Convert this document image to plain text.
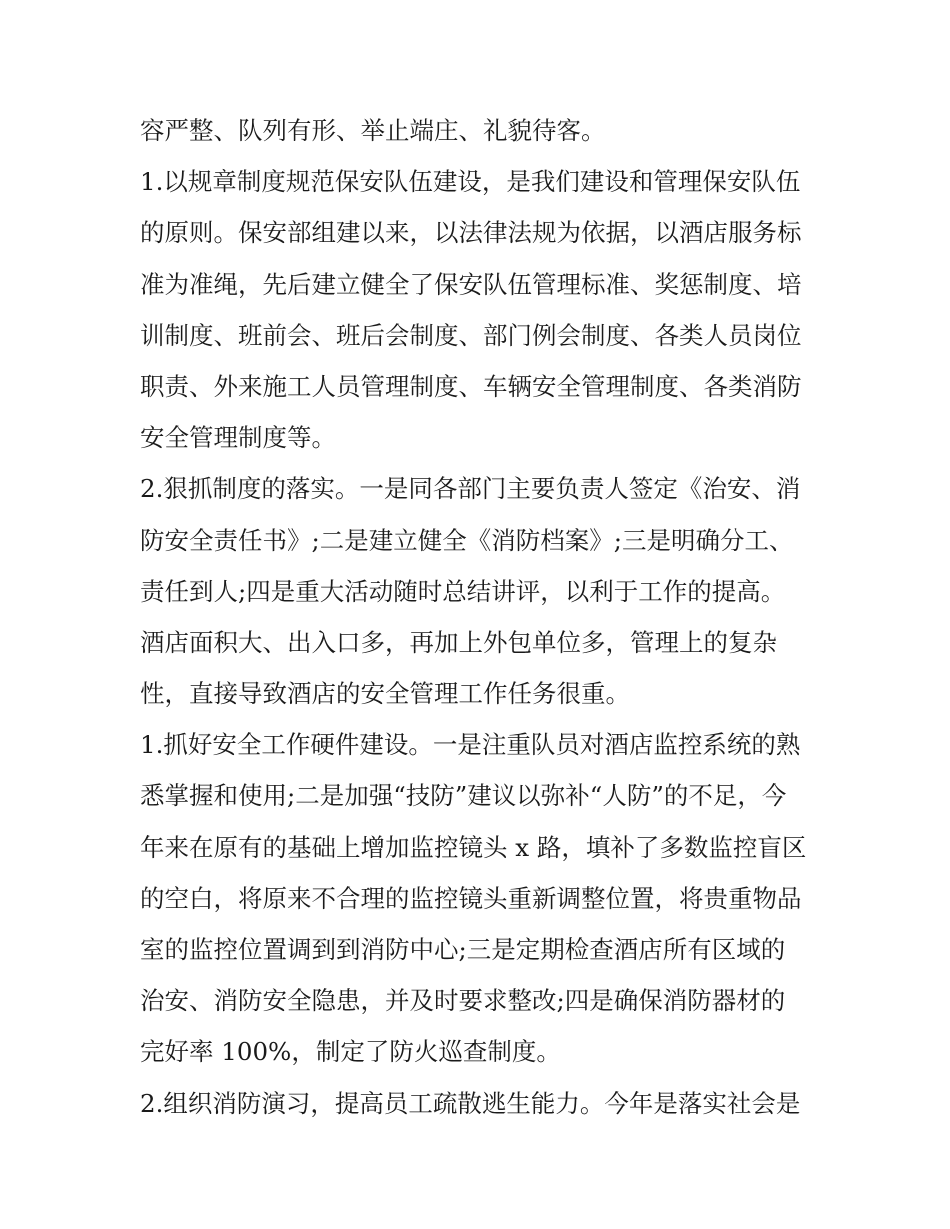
容严整、队列有形、举止端庄、礼貌待客。
1.以规章制度规范保安队伍建设，是我们建设和管理保安队伍
的原则。保安部组建以来，以法律法规为依据，以酒店服务标
准为准绳，先后建立健全了保安队伍管理标准、奖惩制度、培
训制度、班前会、班后会制度、部门例会制度、各类人员岗位
职责、外来施工人员管理制度、车辆安全管理制度、各类消防
安全管理制度等。
2.狠抓制度的落实。一是同各部门主要负责人签定《治安、消
防安全责任书》;二是建立健全《消防档案》;三是明确分工、
责任到人;四是重大活动随时总结讲评，以利于工作的提高。
酒店面积大、出入口多，再加上外包单位多，管理上的复杂
性，直接导致酒店的安全管理工作任务很重。
1.抓好安全工作硬件建设。一是注重队员对酒店监控系统的熟
悉掌握和使用;二是加强“技防”建议以弥补“人防”的不足，今
年来在原有的基础上增加监控镜头 x 路，填补了多数监控盲区
的空白，将原来不合理的监控镜头重新调整位置，将贵重物品
室的监控位置调到到消防中心;三是定期检查酒店所有区域的
治安、消防安全隐患，并及时要求整改;四是确保消防器材的
完好率 100%，制定了防火巡查制度。
2.组织消防演习，提高员工疏散逃生能力。今年是落实社会是
